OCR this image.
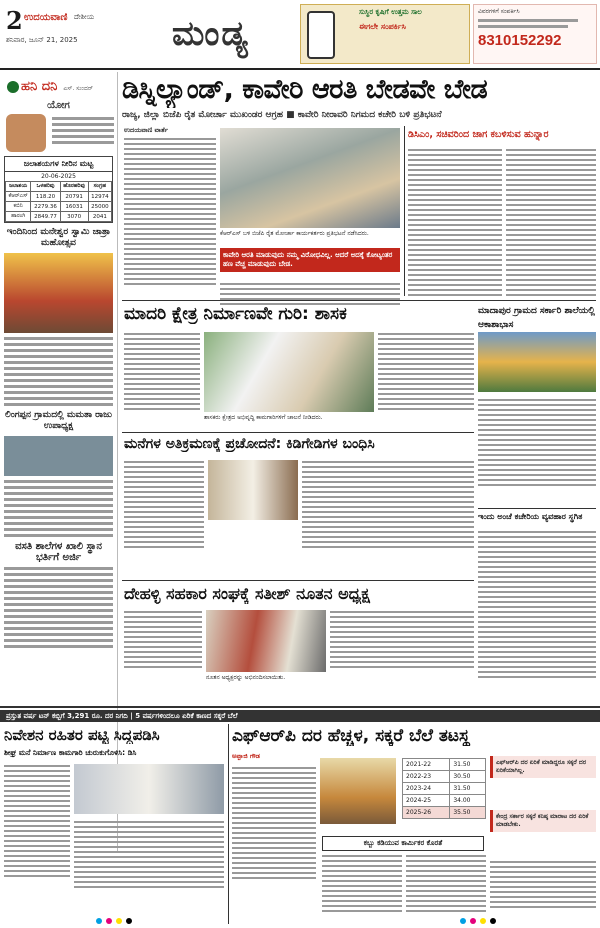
2 ಉದಯವಾಣಿ ದೇಶೀಯ
ಶನಿವಾರ, ಜೂನ್ 21, 2025	ಮಂಡ್ಯ
ಸುಸ್ಥಿರ ಕೃಷಿಗೆ ಉತ್ತಮ ಸಾಲ
ಈಗಲೇ ಸಂಪರ್ಕಿಸಿ
ವಿವರಗಳಿಗೆ ಸಂಪರ್ಕಿಸಿ
8310152292
ಹನಿ ದನಿ ಎಸ್. ಸುಂದರ್
ಯೋಗ
ಜಲಾಶಯಗಳ ನೀರಿನ ಮಟ್ಟ
20-06-2025
ಜಲಾಶಯ	ಒಳಹರಿವು	ಹೊರಹರಿವು	ಸಂಗ್ರಹ
ಕೆಆರ್‌ಎಸ್	118.20	20791	12974
ಕಬಿನಿ	2279.36	16031	25000
ಹಾರಂಗಿ	2849.77	3070	2041
ಇಂದಿನಿಂದ ಮನೇಶ್ವರ ಸ್ವಾಮಿ ಜಾತ್ರಾ ಮಹೋತ್ಸವ
ಲಿಂಗಪ್ಪನ ಗ್ರಾಮದಲ್ಲಿ ಮಮತಾ ರಾಜು ಉಪಾಧ್ಯಕ್ಷ
ವಸತಿ ಶಾಲೆಗಳ ಖಾಲಿ ಸ್ಥಾನ ಭರ್ತಿಗೆ ಅರ್ಜಿ
ಡಿಸ್ನಿಲ್ಯಾಂಡ್, ಕಾವೇರಿ ಆರತಿ ಬೇಡವೇ ಬೇಡ
ರಾಜ್ಯ, ಜಿಲ್ಲಾ ಬಿಜೆಪಿ ರೈತ ಮೋರ್ಚಾ ಮುಖಂಡರ ಆಗ್ರಹ ■ ಕಾವೇರಿ ನೀರಾವರಿ ನಿಗಮದ ಕಚೇರಿ ಬಳಿ ಪ್ರತಿಭಟನೆ
ಉದಯವಾಣಿ ವಾರ್ತೆ
ಕೆಆರ್‌ಎಸ್ ಬಳಿ ಬಿಜೆಪಿ ರೈತ ಮೋರ್ಚಾ ಕಾರ್ಯಕರ್ತರು ಪ್ರತಿಭಟನೆ ನಡೆಸಿದರು.
ಕಾವೇರಿ ಆರತಿ ಮಾಡುವುದು ನಮ್ಮ ವಿರೋಧವಿಲ್ಲ. ಆದರೆ ಅದಕ್ಕೆ ಕೋಟ್ಯಂತರ ಹಣ ವೆಚ್ಚ ಮಾಡುವುದು ಬೇಡ.
ಡಿಸಿಎಂ, ಸಚಿವರಿಂದ ಜಾಗ ಕಬಳಿಸುವ ಹುನ್ನಾರ
ಮಾದರಿ ಕ್ಷೇತ್ರ ನಿರ್ಮಾಣವೇ ಗುರಿ: ಶಾಸಕ	ಮಾದಾಪುರ ಗ್ರಾಮದ ಸರ್ಕಾರಿ ಶಾಲೆಯಲ್ಲಿ ಆಕಾಶಾಭಾಸ
ಶಾಸಕರು ಕ್ಷೇತ್ರದ ಅಭಿವೃದ್ಧಿ ಕಾಮಗಾರಿಗಳಿಗೆ ಚಾಲನೆ ನೀಡಿದರು.
ಮನೆಗಳ ಅತಿಕ್ರಮಣಕ್ಕೆ ಪ್ರಚೋದನೆ: ಕಿಡಿಗೇಡಿಗಳ ಬಂಧಿಸಿ
ಇಂದು ಅಂಚೆ ಕಚೇರಿಯ ವ್ಯವಹಾರ ಸ್ಥಗಿತ
ದೇಹಳ್ಳಿ ಸಹಕಾರ ಸಂಘಕ್ಕೆ ಸತೀಶ್ ನೂತನ ಅಧ್ಯಕ್ಷ
ನೂತನ ಅಧ್ಯಕ್ಷರನ್ನು ಅಭಿನಂದಿಸಲಾಯಿತು.
ಪ್ರಸ್ತುತ ವರ್ಷ ಟನ್ ಕಬ್ಬಿಗೆ 3,291 ರೂ. ದರ ನಿಗದಿ | 5 ವರ್ಷಗಳಿಂದಲೂ ಏರಿಕೆ ಕಾಣದ ಸಕ್ಕರೆ ಬೆಲೆ
ನಿವೇಶನ ರಹಿತರ ಪಟ್ಟಿ ಸಿದ್ಧಪಡಿಸಿ
ಶೀಘ್ರ ಮನೆ ನಿರ್ಮಾಣ ಕಾಮಗಾರಿ ಚುರುಕುಗೊಳಿಸಿ: ಡಿಸಿ
ಎಫ್ಆರ್‌ಪಿ ದರ ಹೆಚ್ಚಳ, ಸಕ್ಕರೆ ಬೆಲೆ ತಟಸ್ಥ
ಅಪ್ಪಾಜಿ ಗೌಡ
2021-22	31.50
2022-23	30.50
2023-24	31.50
2024-25	34.00
2025-26	35.50
ಎಫ್ಆರ್‌ಪಿ ದರ ಏರಿಕೆ ಮಾಡಿದ್ದರೂ ಸಕ್ಕರೆ ದರ ಏರಿಕೆಯಾಗಿಲ್ಲ.
ಕೇಂದ್ರ ಸರ್ಕಾರ ಸಕ್ಕರೆ ಕನಿಷ್ಠ ಮಾರಾಟ ದರ ಏರಿಕೆ ಮಾಡಬೇಕು.
ಕಬ್ಬು ಕಡಿಯುವ ಕಾರ್ಮಿಕರ ಕೊರತೆ
